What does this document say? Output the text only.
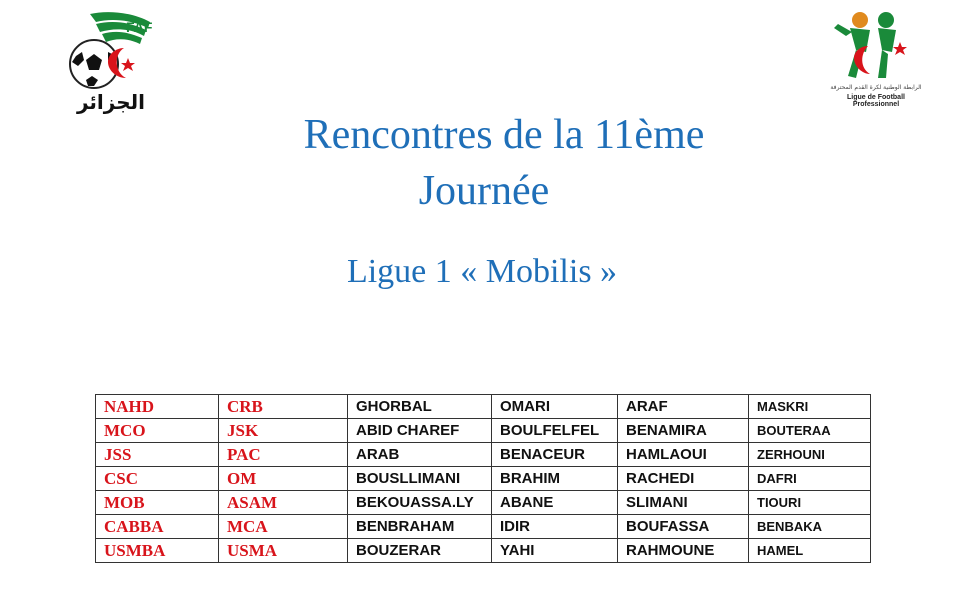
FAF
الجزائر
الرابطة الوطنية لكرة القدم المحترفة
Ligue de Football Professionnel
Rencontres de la 11ème
Journée
Ligue 1 « Mobilis »
NAHD	CRB	GHORBAL	OMARI	ARAF	MASKRI
MCO	JSK	ABID CHAREF	BOULFELFEL	BENAMIRA	BOUTERAA
JSS	PAC	ARAB	BENACEUR	HAMLAOUI	ZERHOUNI
CSC	OM	BOUSLLIMANI	BRAHIM	RACHEDI	DAFRI
MOB	ASAM	BEKOUASSA.LY	ABANE	SLIMANI	TIOURI
CABBA	MCA	BENBRAHAM	IDIR	BOUFASSA	BENBAKA
USMBA	USMA	BOUZERAR	YAHI	RAHMOUNE	HAMEL
